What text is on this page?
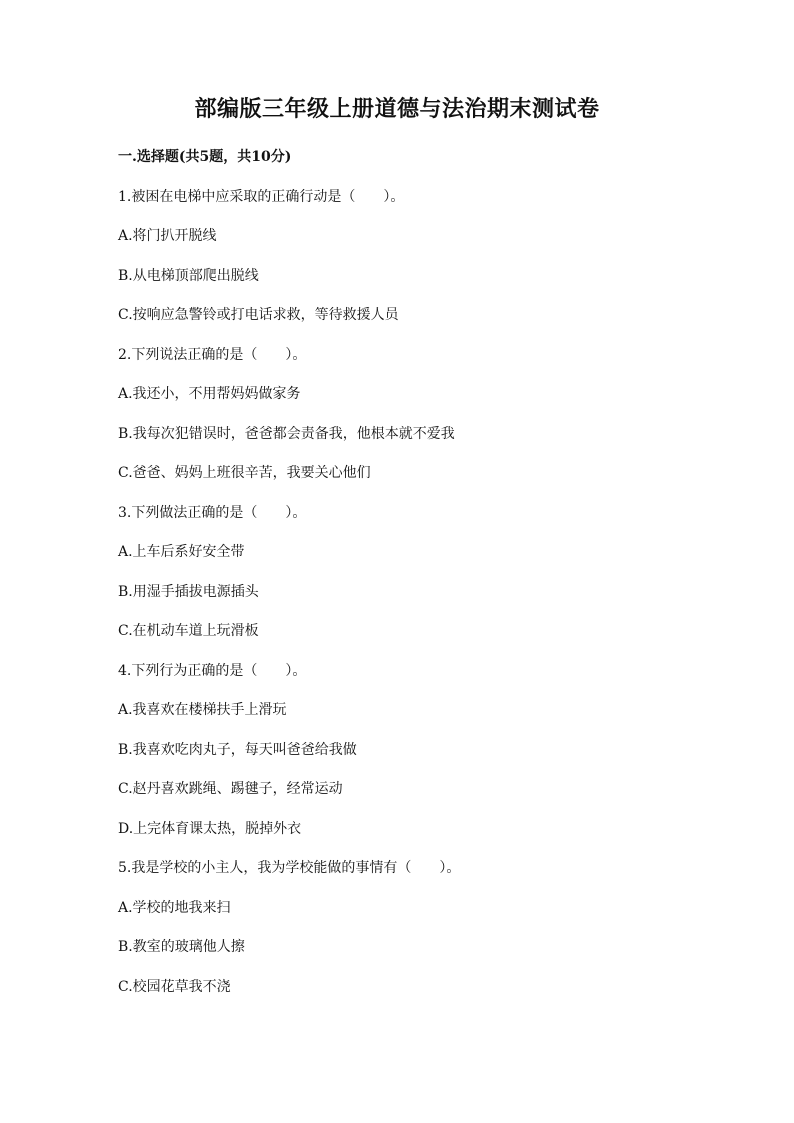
部编版三年级上册道德与法治期末测试卷
一.选择题(共5题，共10分)
1.被困在电梯中应采取的正确行动是（　　）。
A.将门扒开脱线
B.从电梯顶部爬出脱线
C.按响应急警铃或打电话求救，等待救援人员
2.下列说法正确的是（　　）。
A.我还小，不用帮妈妈做家务
B.我每次犯错误时，爸爸都会责备我，他根本就不爱我
C.爸爸、妈妈上班很辛苦，我要关心他们
3.下列做法正确的是（　　）。
A.上车后系好安全带
B.用湿手插拔电源插头
C.在机动车道上玩滑板
4.下列行为正确的是（　　）。
A.我喜欢在楼梯扶手上滑玩
B.我喜欢吃肉丸子，每天叫爸爸给我做
C.赵丹喜欢跳绳、踢毽子，经常运动
D.上完体育课太热，脱掉外衣
5.我是学校的小主人，我为学校能做的事情有（　　）。
A.学校的地我来扫
B.教室的玻璃他人擦
C.校园花草我不浇
